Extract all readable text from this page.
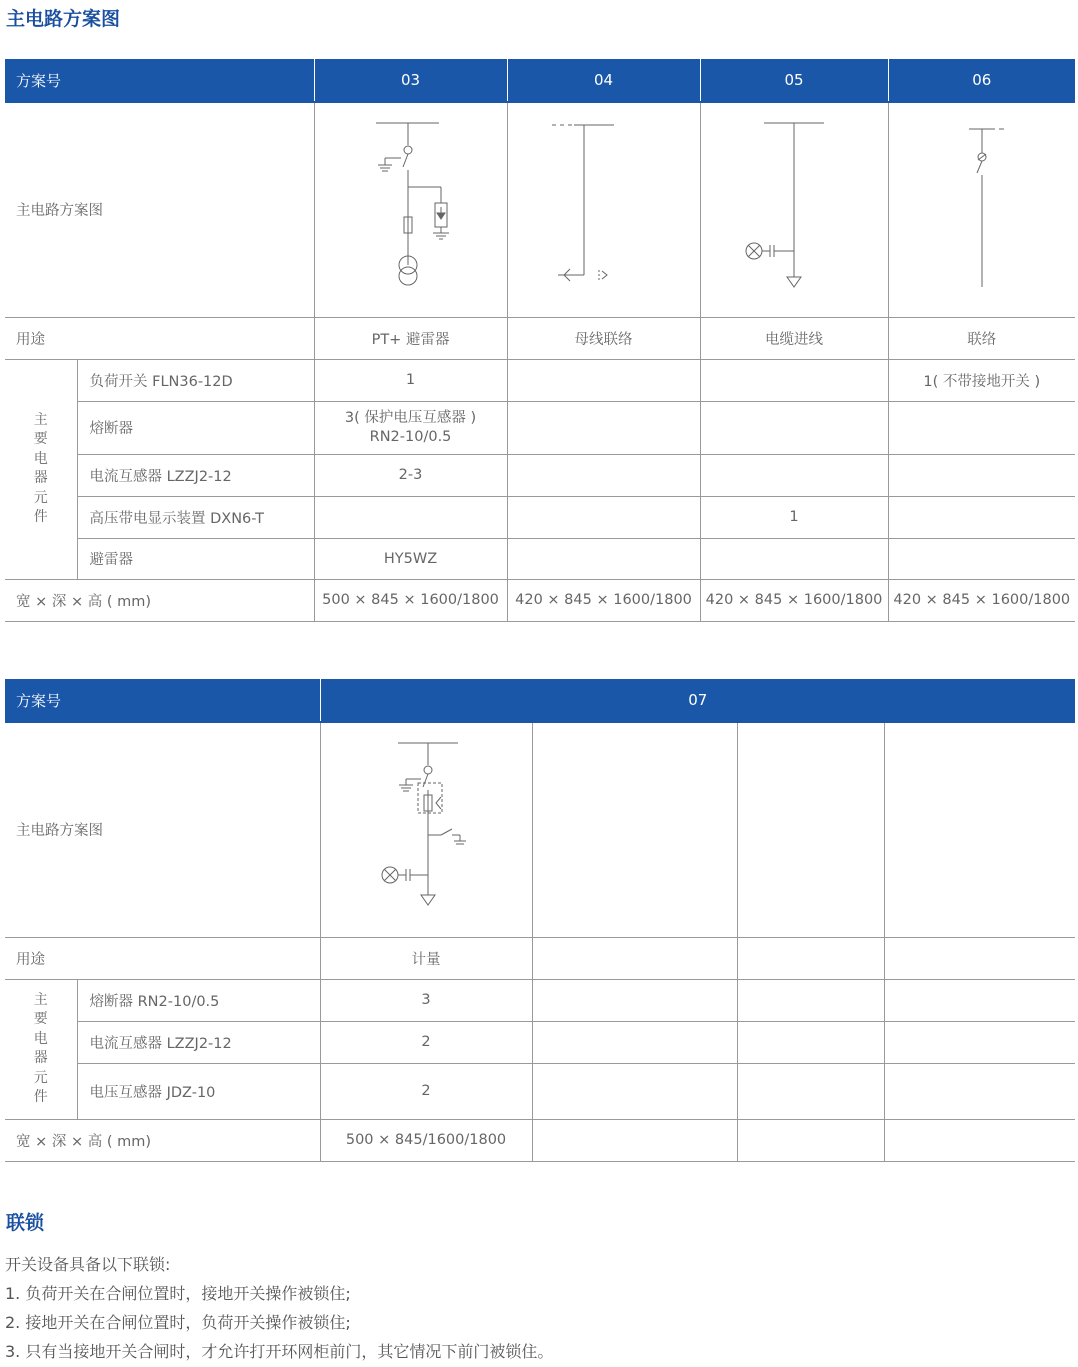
主电路方案图
方案号		03	04	05	06
主电路方案图	

用途		PT+ 避雷器	母线联络	电缆进线	联络

主要电器元件	负荷开关 FLN36-12D	1			1( 不带接地开关 )
	熔断器	3( 保护电压互感器 )
RN2-10/0.5			

	电流互感器 LZZJ2-12	2-3			
	高压带电显示装置 DXN6-T			1	
	避雷器	HY5WZ			
宽 × 深 × 高 ( mm)		500 × 845 × 1600/1800	420 × 845 × 1600/1800	420 × 845 × 1600/1800	420 × 845 × 1600/1800
方案号		07			
主电路方案图	

用途		计量			

主要电器元件	熔断器 RN2-10/0.5	3			
	电流互感器 LZZJ2-12	2			
	电压互感器 JDZ-10	2			
宽 × 深 × 高 ( mm)		500 × 845/1600/1800			
联锁
开关设备具备以下联锁:
1. 负荷开关在合闸位置时，接地开关操作被锁住;
2. 接地开关在合闸位置时，负荷开关操作被锁住;
3. 只有当接地开关合闸时，才允许打开环网柜前门，其它情况下前门被锁住。
